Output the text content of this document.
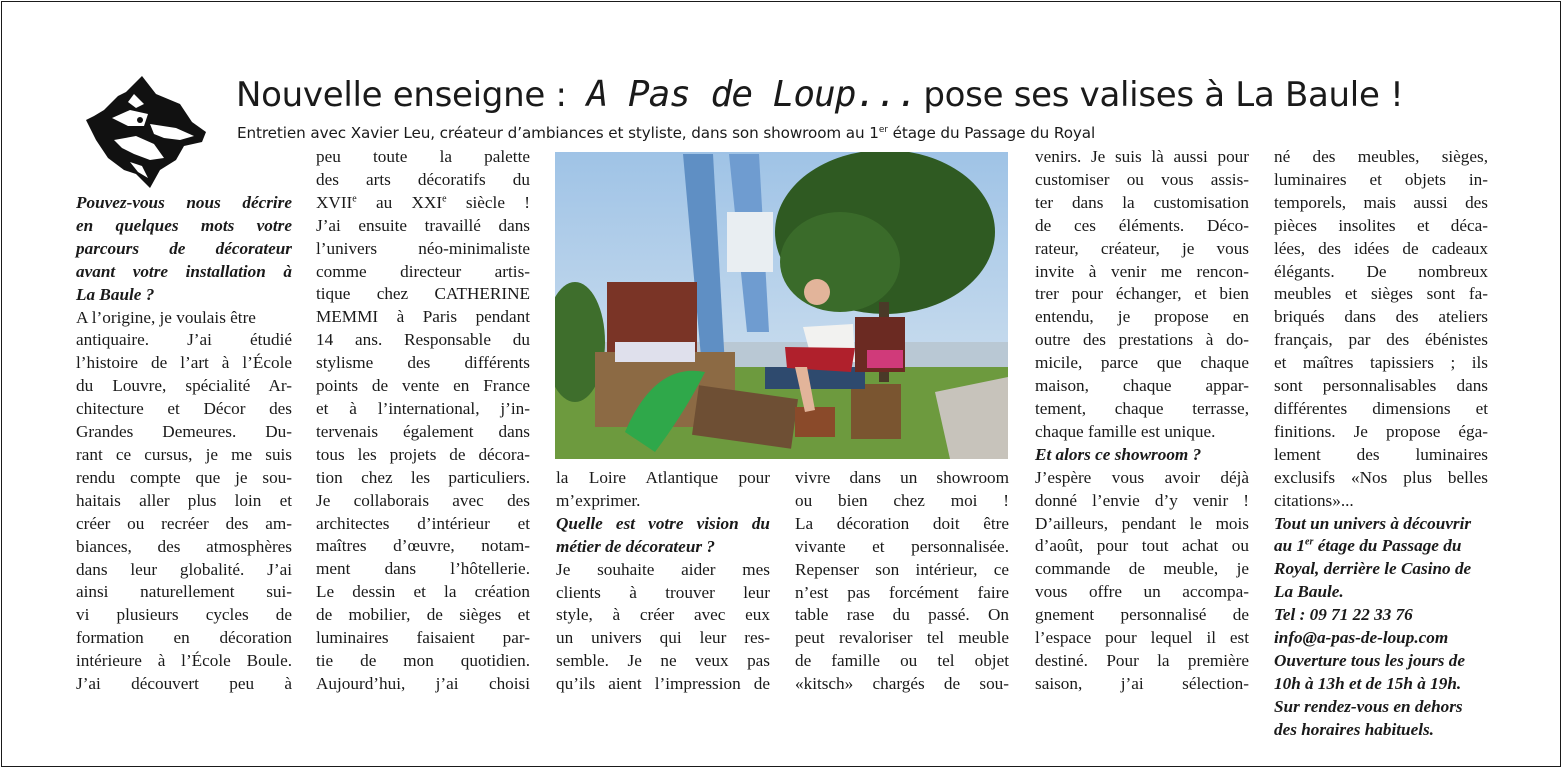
Nouvelle enseigne : A Pas de Loup... pose ses valises à La Baule !
Entretien avec Xavier Leu, créateur d’ambiances et styliste, dans son showroom au 1er étage du Passage du Royal
Pouvez-vous nous décrire
en quelques mots votre
parcours de décorateur
avant votre installation à
La Baule ?
A l’origine, je voulais être
antiquaire. J’ai étudié
l’histoire de l’art à l’École
du Louvre, spécialité Ar-
chitecture et Décor des
Grandes Demeures. Du-
rant ce cursus, je me suis
rendu compte que je sou-
haitais aller plus loin et
créer ou recréer des am-
biances, des atmosphères
dans leur globalité. J’ai
ainsi naturellement sui-
vi plusieurs cycles de
formation en décoration
intérieure à l’École Boule.
J’ai découvert peu à
peu toute la palette
des arts décoratifs du
XVIIe au XXIe siècle !
J’ai ensuite travaillé dans
l’univers néo-minimaliste
comme directeur artis-
tique chez CATHERINE
MEMMI à Paris pendant
14 ans. Responsable du
stylisme des différents
points de vente en France
et à l’international, j’in-
tervenais également dans
tous les projets de décora-
tion chez les particuliers.
Je collaborais avec des
architectes d’intérieur et
maîtres d’œuvre, notam-
ment dans l’hôtellerie.
Le dessin et la création
de mobilier, de sièges et
luminaires faisaient par-
tie de mon quotidien.
Aujourd’hui, j’ai choisi
la Loire Atlantique pour
m’exprimer.
Quelle est votre vision du
métier de décorateur ?
Je souhaite aider mes
clients à trouver leur
style, à créer avec eux
un univers qui leur res-
semble. Je ne veux pas
qu’ils aient l’impression de
vivre dans un showroom
ou bien chez moi !
La décoration doit être
vivante et personnalisée.
Repenser son intérieur, ce
n’est pas forcément faire
table rase du passé. On
peut revaloriser tel meuble
de famille ou tel objet
«kitsch» chargés de sou-
venirs. Je suis là aussi pour
customiser ou vous assis-
ter dans la customisation
de ces éléments. Déco-
rateur, créateur, je vous
invite à venir me rencon-
trer pour échanger, et bien
entendu, je propose en
outre des prestations à do-
micile, parce que chaque
maison, chaque appar-
tement, chaque terrasse,
chaque famille est unique.
Et alors ce showroom ?
J’espère vous avoir déjà
donné l’envie d’y venir !
D’ailleurs, pendant le mois
d’août, pour tout achat ou
commande de meuble, je
vous offre un accompa-
gnement personnalisé de
l’espace pour lequel il est
destiné. Pour la première
saison, j’ai sélection-
né des meubles, sièges,
luminaires et objets in-
temporels, mais aussi des
pièces insolites et déca-
lées, des idées de cadeaux
élégants. De nombreux
meubles et sièges sont fa-
briqués dans des ateliers
français, par des ébénistes
et maîtres tapissiers ; ils
sont personnalisables dans
différentes dimensions et
finitions. Je propose éga-
lement des luminaires
exclusifs «Nos plus belles
citations»...
Tout un univers à découvrir
au 1er étage du Passage du
Royal, derrière le Casino de
La Baule.
Tel : 09 71 22 33 76
info@a-pas-de-loup.com
Ouverture tous les jours de
10h à 13h et de 15h à 19h.
Sur rendez-vous en dehors
des horaires habituels.
